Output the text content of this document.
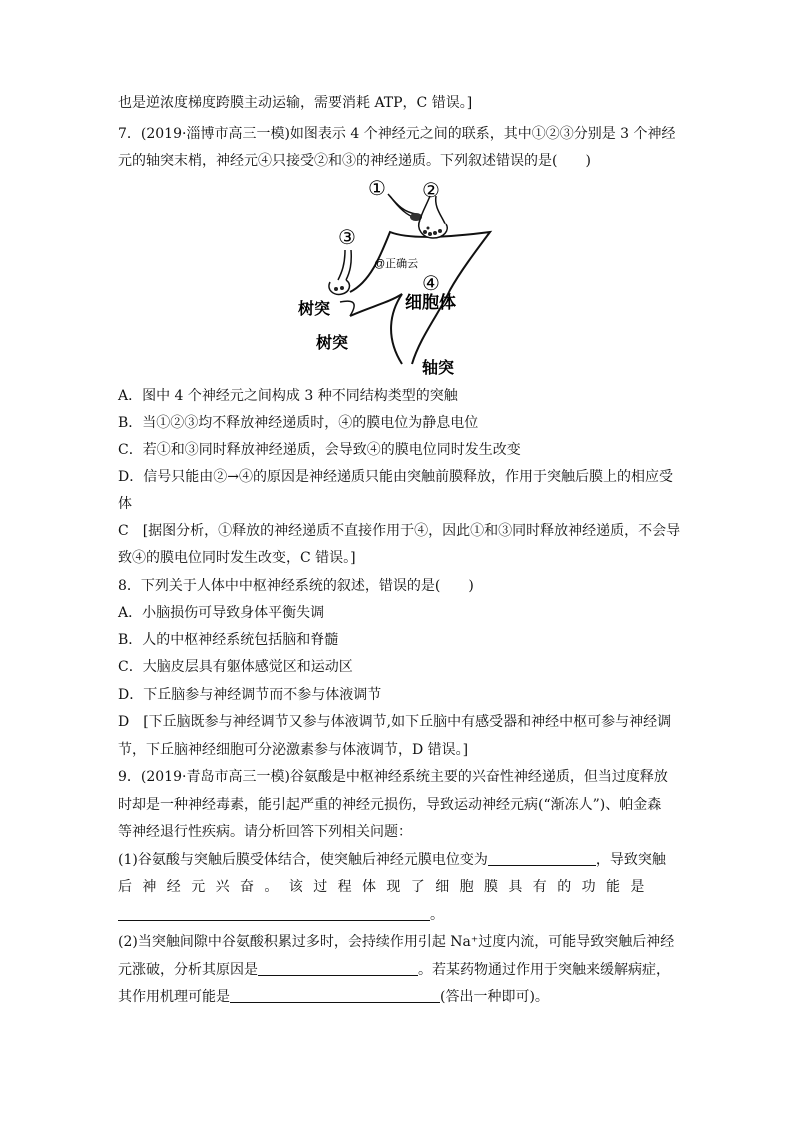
也是逆浓度梯度跨膜主动运输，需要消耗 ATP，C 错误。]
7．(2019·淄博市高三一模)如图表示 4 个神经元之间的联系，其中①②③分别是 3 个神经
元的轴突末梢，神经元④只接受②和③的神经递质。下列叙述错误的是(　　)
① ②
③
④
@正确云
细胞体
树突
树突
轴突
A．图中 4 个神经元之间构成 3 种不同结构类型的突触
B．当①②③均不释放神经递质时，④的膜电位为静息电位
C．若①和③同时释放神经递质，会导致④的膜电位同时发生改变
D．信号只能由②→④的原因是神经递质只能由突触前膜释放，作用于突触后膜上的相应受
体
C　[据图分析，①释放的神经递质不直接作用于④，因此①和③同时释放神经递质，不会导
致④的膜电位同时发生改变，C 错误。]
8．下列关于人体中中枢神经系统的叙述，错误的是(　　)
A．小脑损伤可导致身体平衡失调
B．人的中枢神经系统包括脑和脊髓
C．大脑皮层具有躯体感觉区和运动区
D．下丘脑参与神经调节而不参与体液调节
D　[下丘脑既参与神经调节又参与体液调节,如下丘脑中有感受器和神经中枢可参与神经调
节，下丘脑神经细胞可分泌激素参与体液调节，D 错误。]
9．(2019·青岛市高三一模)谷氨酸是中枢神经系统主要的兴奋性神经递质，但当过度释放
时却是一种神经毒素，能引起严重的神经元损伤，导致运动神经元病(“渐冻人”)、帕金森
等神经退行性疾病。请分析回答下列相关问题：
(1)谷氨酸与突触后膜受体结合，使突触后神经元膜电位变为	，导致突触
后神经元兴奋。该过程体现了细胞膜具有的功能是
。
(2)当突触间隙中谷氨酸积累过多时，会持续作用引起 Na⁺过度内流，可能导致突触后神经
元涨破，分析其原因是	。若某药物通过作用于突触来缓解病症，
其作用机理可能是	(答出一种即可)。
